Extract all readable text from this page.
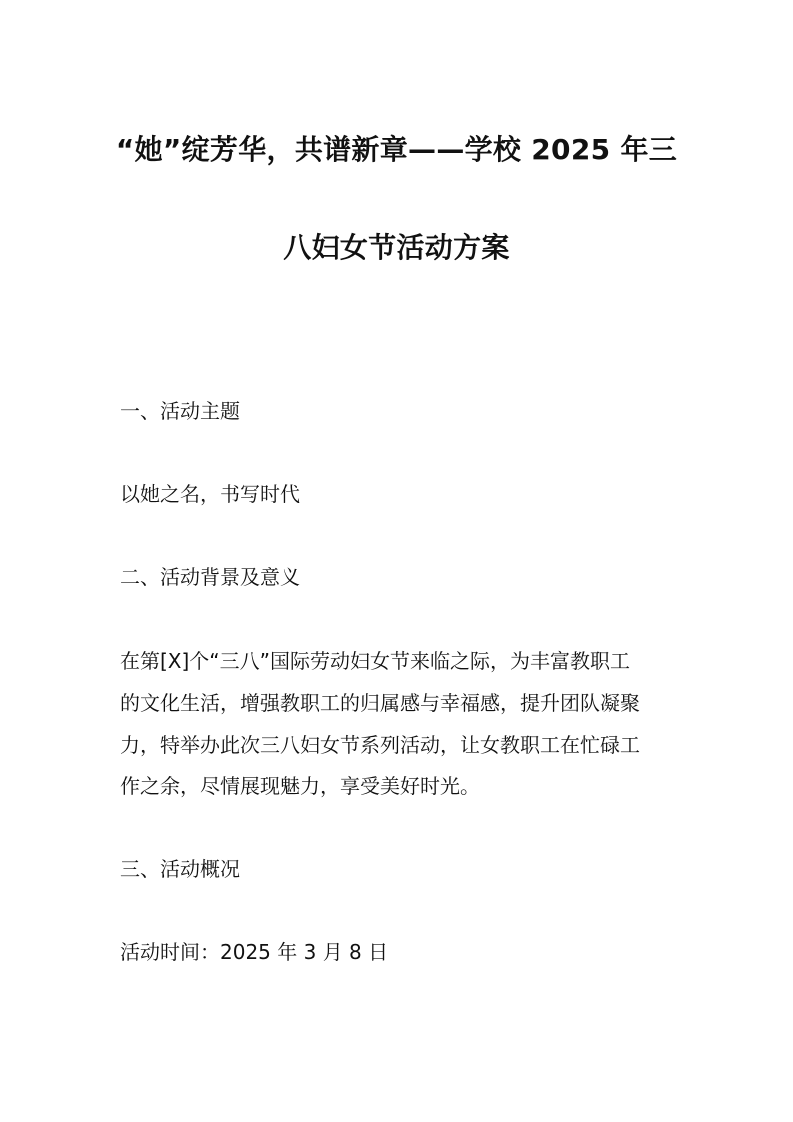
“她”绽芳华，共谱新章——学校 2025 年三
八妇女节活动方案
一、活动主题
以她之名，书写时代
二、活动背景及意义
在第[X]个“三八”国际劳动妇女节来临之际，为丰富教职工
的文化生活，增强教职工的归属感与幸福感，提升团队凝聚
力，特举办此次三八妇女节系列活动，让女教职工在忙碌工
作之余，尽情展现魅力，享受美好时光。
三、活动概况
活动时间：2025 年 3 月 8 日
